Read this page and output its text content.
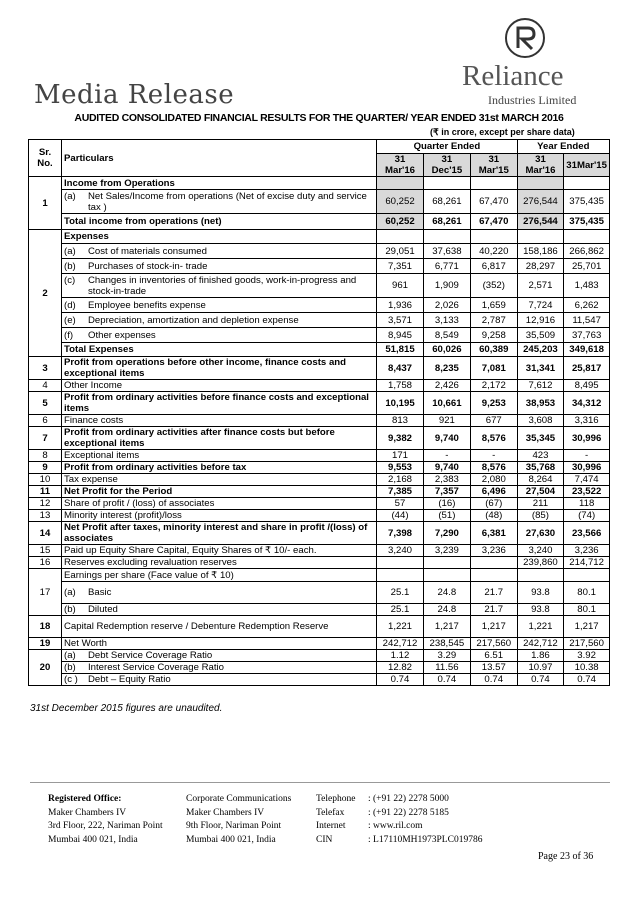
Media Release
Reliance
Industries Limited
AUDITED CONSOLIDATED FINANCIAL RESULTS FOR THE QUARTER/ YEAR ENDED 31st MARCH 2016
(₹ in crore, except per share data)
Sr. No.	Particulars	Quarter Ended			Year Ended	
		31 Mar'16	31 Dec'15	31 Mar'15	31 Mar'16	31Mar'15
1	Income from Operations					

	(a) Net Sales/Income from operations (Net of excise duty and service tax )	60,252	68,261	67,470	276,544	375,435
	Total income from operations (net)	60,252	68,261	67,470	276,544	375,435
2	Expenses					

	(a) Cost of materials consumed	29,051	37,638	40,220	158,186	266,862

	(b) Purchases of stock-in- trade	7,351	6,771	6,817	28,297	25,701

	(c) Changes in inventories of finished goods, work-in-progress and stock-in-trade	961	1,909	(352)	2,571	1,483

	(d) Employee benefits expense	1,936	2,026	1,659	7,724	6,262

	(e) Depreciation, amortization and depletion expense	3,571	3,133	2,787	12,916	11,547

	(f) Other expenses	8,945	8,549	9,258	35,509	37,763
	Total Expenses	51,815	60,026	60,389	245,203	349,618
3	Profit from operations before other income, finance costs and exceptional items	8,437	8,235	7,081	31,341	25,817
4	Other Income	1,758	2,426	2,172	7,612	8,495
5	Profit from ordinary activities before finance costs and exceptional items	10,195	10,661	9,253	38,953	34,312
6	Finance costs	813	921	677	3,608	3,316
7	Profit from ordinary activities after finance costs but before exceptional items	9,382	9,740	8,576	35,345	30,996
8	Exceptional items	171	-	-	423	-
9	Profit from ordinary activities before tax	9,553	9,740	8,576	35,768	30,996
10	Tax expense	2,168	2,383	2,080	8,264	7,474
11	Net Profit for the Period	7,385	7,357	6,496	27,504	23,522
12	Share of profit / (loss) of associates	57	(16)	(67)	211	118
13	Minority interest (profit)/loss	(44)	(51)	(48)	(85)	(74)
14	Net Profit after taxes, minority interest and share in profit /(loss) of associates	7,398	7,290	6,381	27,630	23,566
15	Paid up Equity Share Capital, Equity Shares of ₹ 10/- each.	3,240	3,239	3,236	3,240	3,236
16	Reserves excluding revaluation reserves				239,860	214,712
17	Earnings per share (Face value of ₹ 10)					

	(a) Basic	25.1	24.8	21.7	93.8	80.1

	(b) Diluted	25.1	24.8	21.7	93.8	80.1
18	Capital Redemption reserve / Debenture Redemption Reserve	1,221	1,217	1,217	1,221	1,217
19	Net Worth	242,712	238,545	217,560	242,712	217,560
20	(a) Debt Service Coverage Ratio	1.12	3.29	6.51	1.86	3.92

	(b) Interest Service Coverage Ratio	12.82	11.56	13.57	10.97	10.38

	(c ) Debt – Equity Ratio	0.74	0.74	0.74	0.74	0.74
31st December 2015 figures are unaudited.
Registered Office:
Maker Chambers IV
3rd Floor, 222, Nariman Point
Mumbai 400 021, India
Corporate Communications
Maker Chambers IV
9th Floor, Nariman Point
Mumbai 400 021, India
Telephone
Telefax
Internet
CIN
: (+91 22) 2278 5000
: (+91 22) 2278 5185
: www.ril.com
: L17110MH1973PLC019786
Page 23 of 36
